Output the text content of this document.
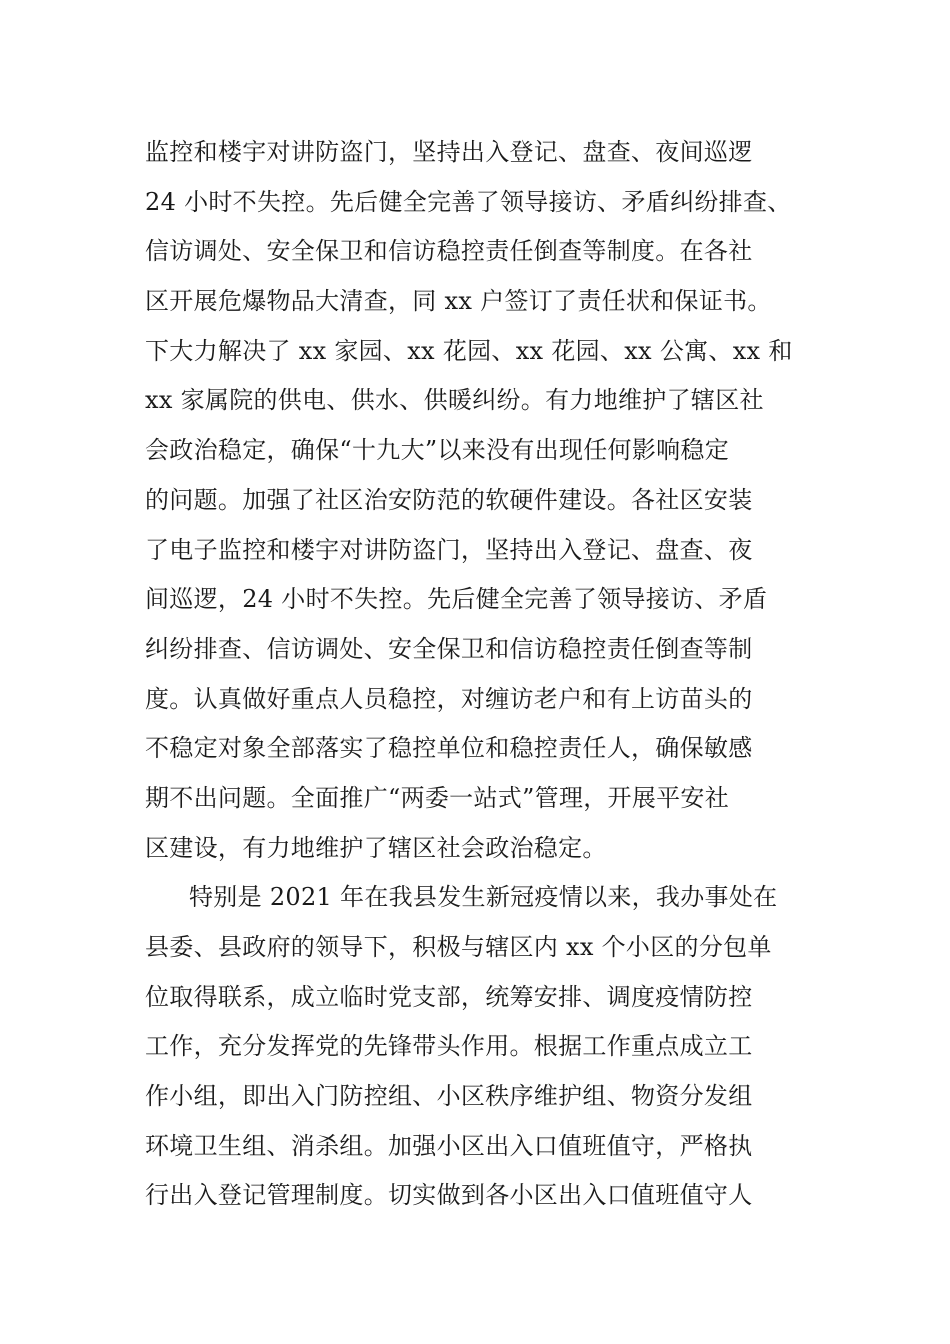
监控和楼宇对讲防盗门，坚持出入登记、盘查、夜间巡逻
24 小时不失控。先后健全完善了领导接访、矛盾纠纷排查、
信访调处、安全保卫和信访稳控责任倒查等制度。在各社
区开展危爆物品大清查，同 xx 户签订了责任状和保证书。
下大力解决了 xx 家园、xx 花园、xx 花园、xx 公寓、xx 和
xx 家属院的供电、供水、供暖纠纷。有力地维护了辖区社
会政治稳定，确保“十九大”以来没有出现任何影响稳定
的问题。加强了社区治安防范的软硬件建设。各社区安装
了电子监控和楼宇对讲防盗门，坚持出入登记、盘查、夜
间巡逻，24 小时不失控。先后健全完善了领导接访、矛盾
纠纷排查、信访调处、安全保卫和信访稳控责任倒查等制
度。认真做好重点人员稳控，对缠访老户和有上访苗头的
不稳定对象全部落实了稳控单位和稳控责任人，确保敏感
期不出问题。全面推广“两委一站式”管理，开展平安社
区建设，有力地维护了辖区社会政治稳定。
特别是 2021 年在我县发生新冠疫情以来，我办事处在
县委、县政府的领导下，积极与辖区内 xx 个小区的分包单
位取得联系，成立临时党支部，统筹安排、调度疫情防控
工作，充分发挥党的先锋带头作用。根据工作重点成立工
作小组，即出入门防控组、小区秩序维护组、物资分发组
环境卫生组、消杀组。加强小区出入口值班值守，严格执
行出入登记管理制度。切实做到各小区出入口值班值守人
